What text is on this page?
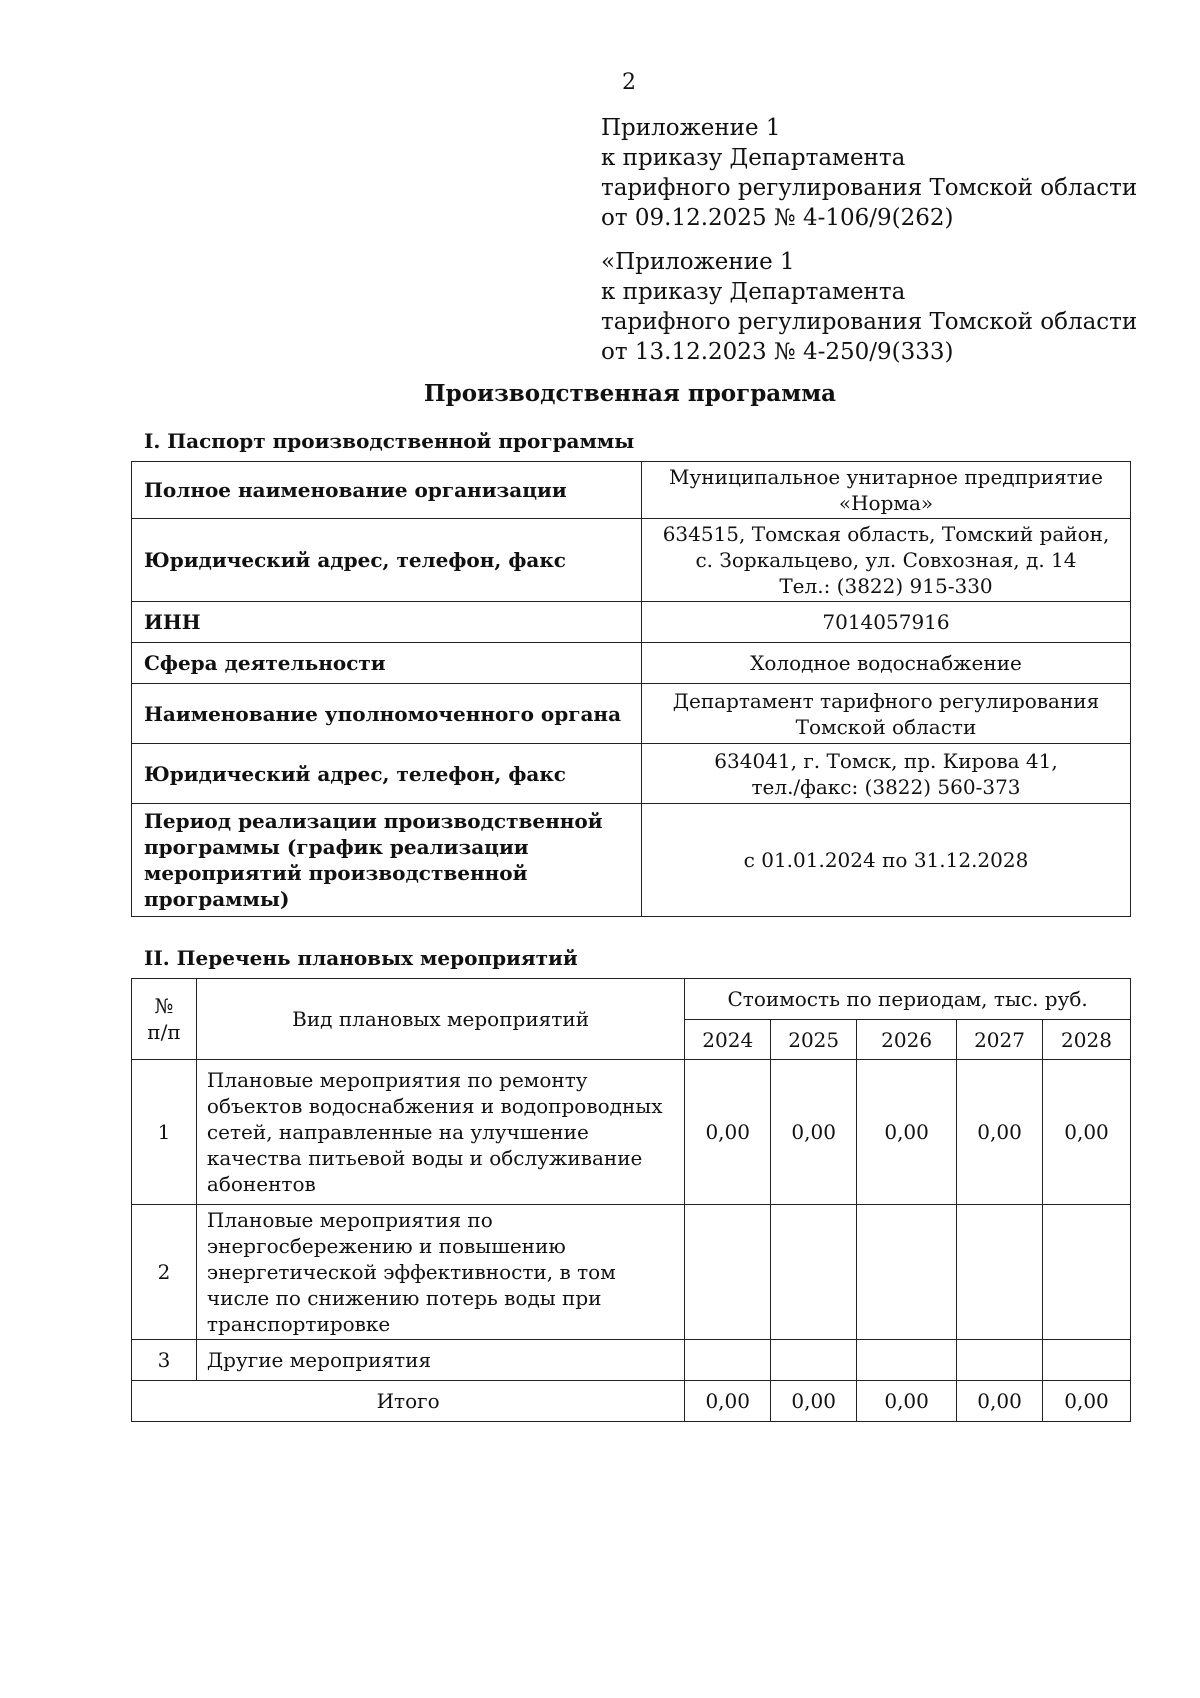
2
Приложение 1
к приказу Департамента
тарифного регулирования Томской области
от 09.12.2025 № 4-106/9(262)
«Приложение 1
к приказу Департамента
тарифного регулирования Томской области
от 13.12.2023 № 4-250/9(333)
Производственная программа
I. Паспорт производственной программы
Полное наименование организации	Муниципальное унитарное предприятие
«Норма»

Юридический адрес, телефон, факс	634515, Томская область, Томский район,
с. Зоркальцево, ул. Совхозная, д. 14
Тел.: (3822) 915-330

ИНН	7014057916

Сфера деятельности	Холодное водоснабжение

Наименование уполномоченного органа	Департамент тарифного регулирования
Томской области

Юридический адрес, телефон, факс	634041, г. Томск, пр. Кирова 41,
тел./факс: (3822) 560-373

Период реализации производственной программы (график реализации мероприятий производственной программы)	с 01.01.2024 по 31.12.2028
II. Перечень плановых мероприятий
№
п/п	Вид плановых мероприятий	Стоимость по периодам, тыс. руб.				
		2024	2025	2026	2027	2028
1	Плановые мероприятия по ремонту объектов водоснабжения и водопроводных сетей, направленные на улучшение качества питьевой воды и обслуживание абонентов	0,00	0,00	0,00	0,00	0,00
2	Плановые мероприятия по энергосбережению и повышению энергетической эффективности, в том числе по снижению потерь воды при транспортировке					
3	Другие мероприятия					
Итого		0,00	0,00	0,00	0,00	0,00
